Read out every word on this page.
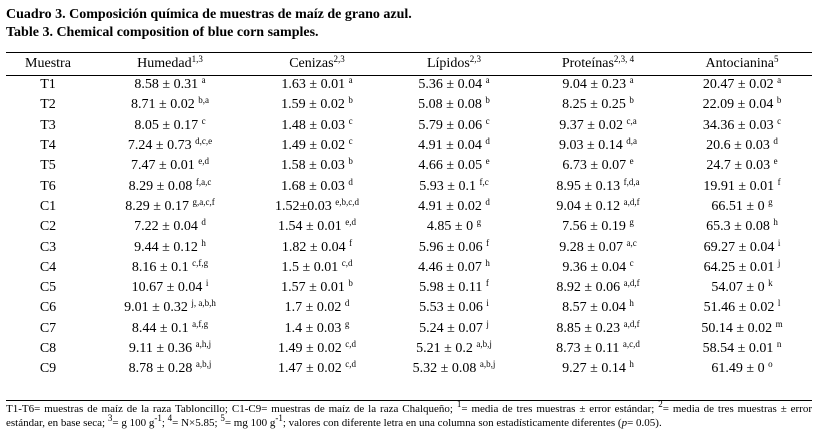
Cuadro 3. Composición química de muestras de maíz de grano azul.
Table 3. Chemical composition of blue corn samples.
Muestra	Humedad$^{1,3}$	Cenizas$^{2,3}$	Lípidos$^{2,3}$	Proteínas$^{2,3, 4}$	Antocianina$^5$
T1	8.58 ± 0.31 $^a$	1.63 ± 0.01 $^a$	5.36 ± 0.04 $^a$	9.04 ± 0.23 $^a$	20.47 ± 0.02 $^a$
T2	8.71 ± 0.02 $^{b,a}$	1.59 ± 0.02 $^b$	5.08 ± 0.08 $^b$	8.25 ± 0.25 $^b$	22.09 ± 0.04 $^b$
T3	8.05 ± 0.17 $^c$	1.48 ± 0.03 $^c$	5.79 ± 0.06 $^c$	9.37 ± 0.02 $^{c,a}$	34.36 ± 0.03 $^c$
T4	7.24 ± 0.73 $^{d,c,e}$	1.49 ± 0.02 $^c$	4.91 ± 0.04 $^d$	9.03 ± 0.14 $^{d,a}$	20.6 ± 0.03 $^d$
T5	7.47 ± 0.01 $^{e,d}$	1.58 ± 0.03 $^b$	4.66 ± 0.05 $^e$	6.73 ± 0.07 $^e$	24.7 ± 0.03 $^e$
T6	8.29 ± 0.08 $^{f,a,c}$	1.68 ± 0.03 $^d$	5.93 ± 0.1 $^{f,c}$	8.95 ± 0.13 $^{f,d,a}$	19.91 ± 0.01 $^f$
C1	8.29 ± 0.17 $^{g,a,c,f}$	1.52±0.03 $^{e,b,c,d}$	4.91 ± 0.02 $^d$	9.04 ± 0.12 $^{a,d,f}$	66.51 ± 0 $^g$
C2	7.22 ± 0.04 $^d$	1.54 ± 0.01 $^{e,d}$	4.85 ± 0 $^g$	7.56 ± 0.19 $^g$	65.3 ± 0.08 $^h$
C3	9.44 ± 0.12 $^h$	1.82 ± 0.04 $^f$	5.96 ± 0.06 $^f$	9.28 ± 0.07 $^{a,c}$	69.27 ± 0.04 $^i$
C4	8.16 ± 0.1 $^{c,f,g}$	1.5 ± 0.01 $^{c,d}$	4.46 ± 0.07 $^h$	9.36 ± 0.04 $^c$	64.25 ± 0.01 $^j$
C5	10.67 ± 0.04 $^i$	1.57 ± 0.01 $^b$	5.98 ± 0.11 $^f$	8.92 ± 0.06 $^{a,d,f}$	54.07 ± 0 $^k$
C6	9.01 ± 0.32 $^{j, a,b,h}$	1.7 ± 0.02 $^d$	5.53 ± 0.06 $^i$	8.57 ± 0.04 $^h$	51.46 ± 0.02 $^l$
C7	8.44 ± 0.1 $^{a,f,g}$	1.4 ± 0.03 $^g$	5.24 ± 0.07 $^j$	8.85 ± 0.23 $^{a,d,f}$	50.14 ± 0.02 $^m$
C8	9.11 ± 0.36 $^{a,h,j}$	1.49 ± 0.02 $^{c,d}$	5.21 ± 0.2 $^{a,b,j}$	8.73 ± 0.11 $^{a,c,d}$	58.54 ± 0.01 $^n$
C9	8.78 ± 0.28 $^{a,b,j}$	1.47 ± 0.02 $^{c,d}$	5.32 ± 0.08 $^{a,b,j}$	9.27 ± 0.14 $^h$	61.49 ± 0 $^o$
T1-T6= muestras de maíz de la raza Tabloncillo; C1-C9= muestras de maíz de la raza Chalqueño; $^1$= media de tres muestras ± error estándar; $^2$= media de tres muestras ± error estándar, en base seca; $^3$= g 100 $g^{-1}$; $^4$= N×5.85; $^5$= mg 100 $g^{-1}$; valores con diferente letra en una columna son estadísticamente diferentes (p= 0.05).
